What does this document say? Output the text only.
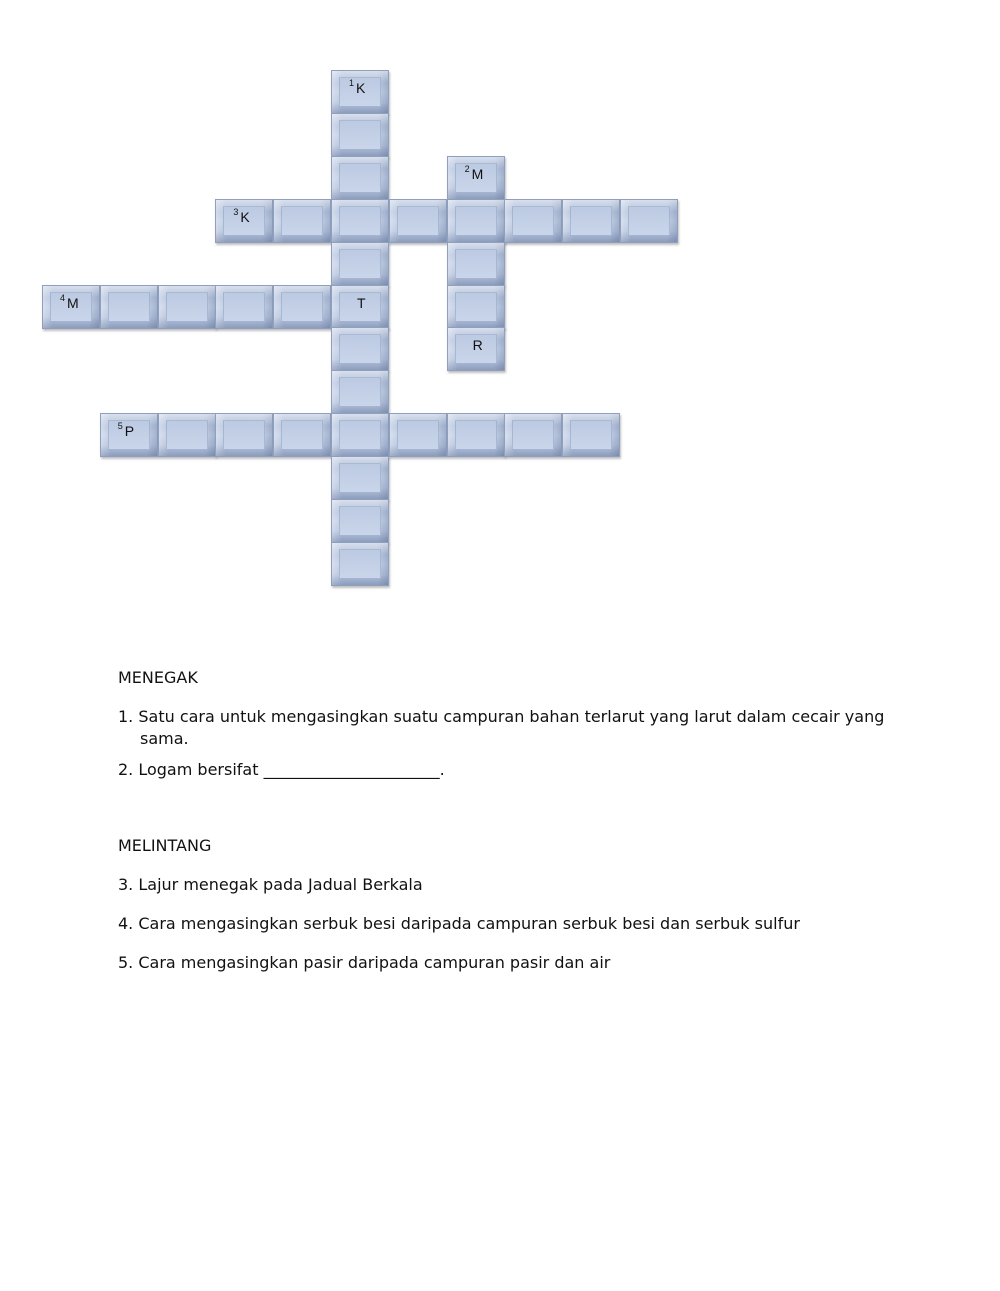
1 K
2 M
3 K
4 M	T
R
5 P
MENEGAK
1. Satu cara untuk mengasingkan suatu campuran bahan terlarut yang larut dalam cecair yang
sama.
2. Logam bersifat ______________________.
MELINTANG
3. Lajur menegak pada Jadual Berkala
4. Cara mengasingkan serbuk besi daripada campuran serbuk besi dan serbuk sulfur
5. Cara mengasingkan pasir daripada campuran pasir dan air
